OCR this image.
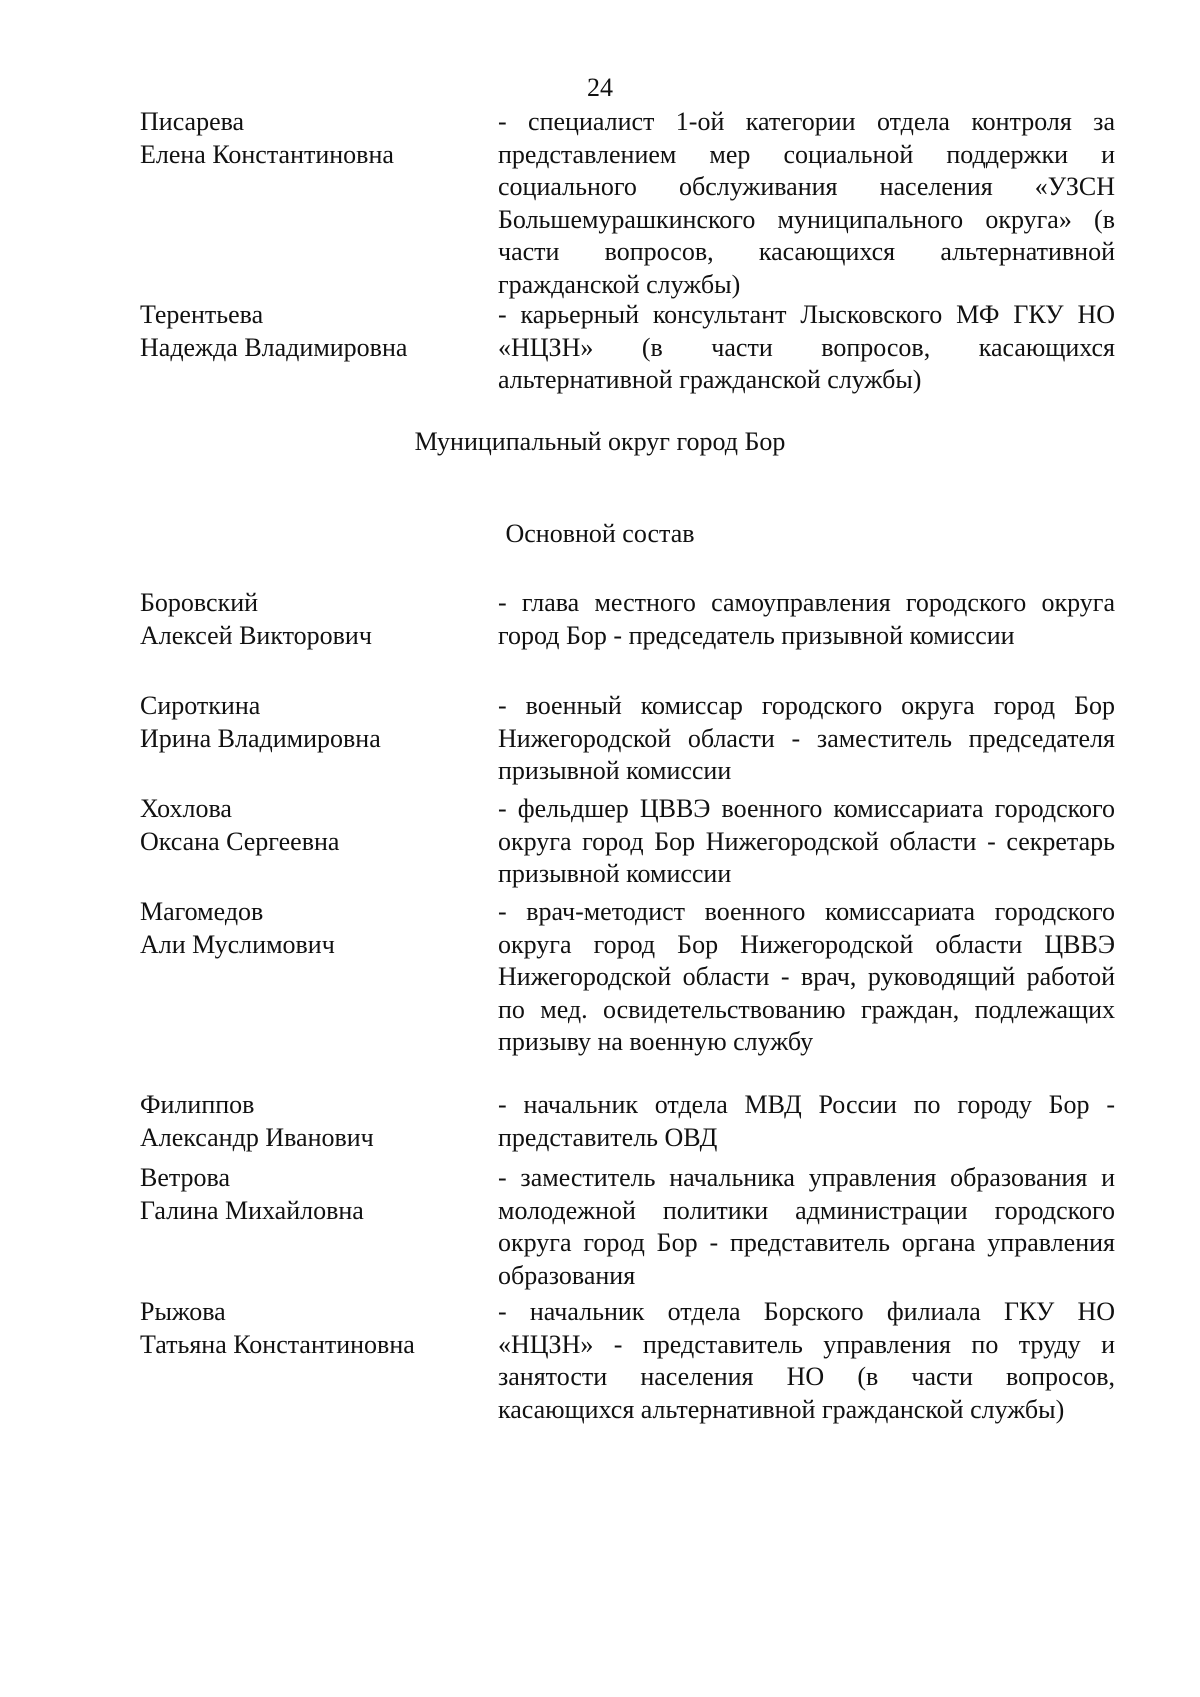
24
Писарева
Елена Константиновна
- специалист 1-ой категории отдела контроля за представлением мер социальной поддержки и социального обслуживания населения «УЗСН Большемурашкинского муниципального округа» (в части вопросов, касающихся альтернативной гражданской службы)
Терентьева
Надежда Владимировна
- карьерный консультант Лысковского МФ ГКУ НО «НЦЗН» (в части вопросов, касающихся альтернативной гражданской службы)
Муниципальный округ город Бор
Основной состав
Боровский
Алексей Викторович
- глава местного самоуправления городского округа город Бор - председатель призывной комиссии
Сироткина
Ирина Владимировна
- военный комиссар городского округа город Бор Нижегородской области - заместитель председателя призывной комиссии
Хохлова
Оксана Сергеевна
- фельдшер ЦВВЭ военного комиссариата городского округа город Бор Нижегородской области - секретарь призывной комиссии
Магомедов
Али Муслимович
- врач-методист военного комиссариата городского округа город Бор Нижегородской области ЦВВЭ Нижегородской области - врач, руководящий работой по мед. освидетельствованию граждан, подлежащих призыву на военную службу
Филиппов
Александр Иванович
- начальник отдела МВД России по городу Бор - представитель ОВД
Ветрова
Галина Михайловна
- заместитель начальника управления образования и молодежной политики администрации городского округа город Бор - представитель органа управления образования
Рыжова
Татьяна Константиновна
- начальник отдела Борского филиала ГКУ НО «НЦЗН» - представитель управления по труду и занятости населения НО (в части вопросов, касающихся альтернативной гражданской службы)
